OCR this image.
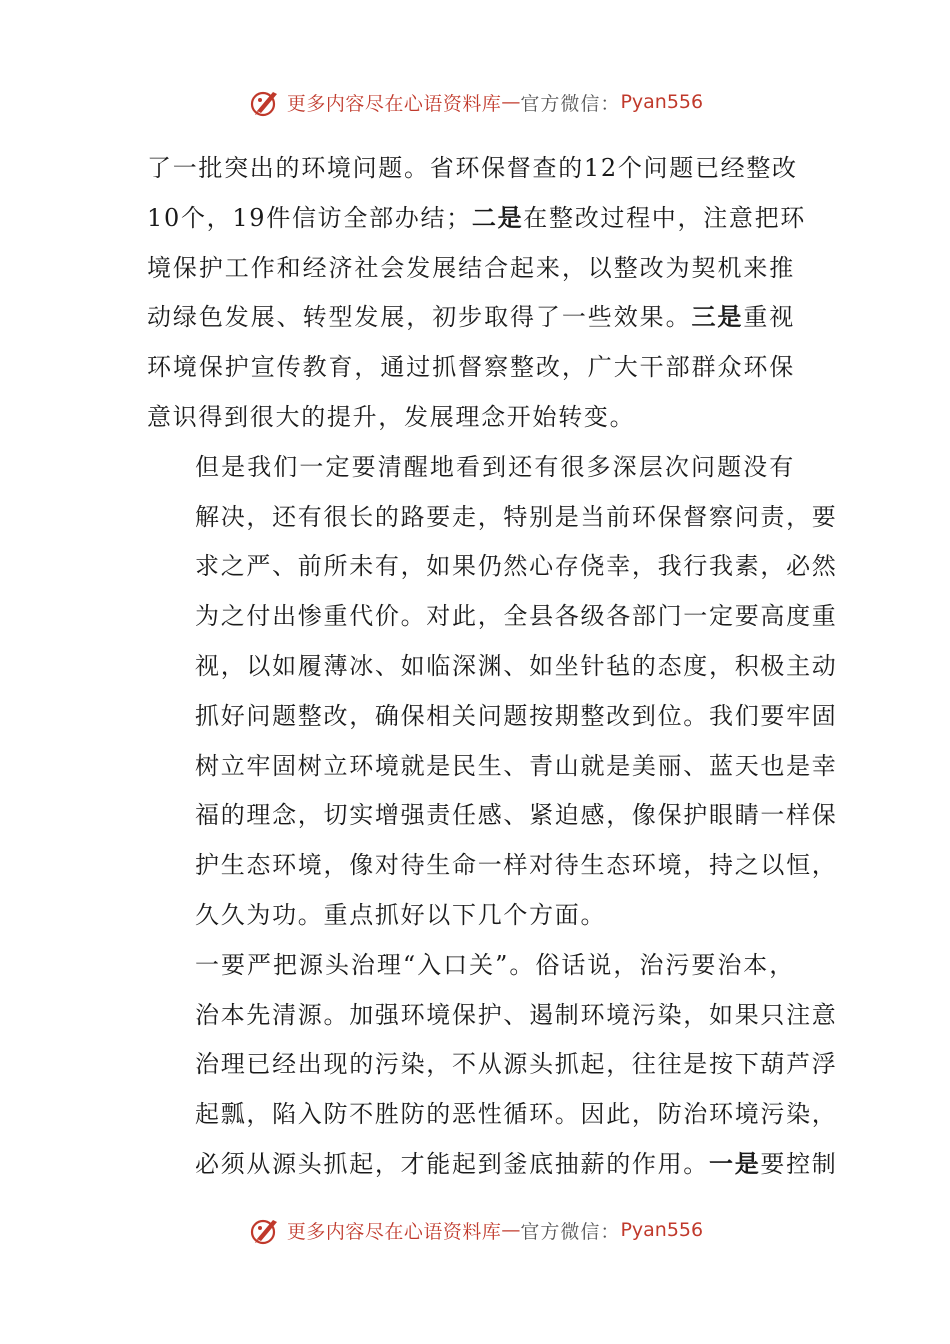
更多内容尽在心语资料库 — 官方微信： Pyan556
了一批突出的环境问题。省环保督查的12个问题已经整改
10个，19件信访全部办结；二是在整改过程中，注意把环
境保护工作和经济社会发展结合起来，以整改为契机来推
动绿色发展、转型发展，初步取得了一些效果。三是重视
环境保护宣传教育，通过抓督察整改，广大干部群众环保
意识得到很大的提升，发展理念开始转变。
但是我们一定要清醒地看到还有很多深层次问题没有
解决，还有很长的路要走，特别是当前环保督察问责，要
求之严、前所未有，如果仍然心存侥幸，我行我素，必然
为之付出惨重代价。对此，全县各级各部门一定要高度重
视，以如履薄冰、如临深渊、如坐针毡的态度，积极主动
抓好问题整改，确保相关问题按期整改到位。我们要牢固
树立牢固树立环境就是民生、青山就是美丽、蓝天也是幸
福的理念，切实增强责任感、紧迫感，像保护眼睛一样保
护生态环境，像对待生命一样对待生态环境，持之以恒，
久久为功。重点抓好以下几个方面。
一要严把源头治理“入口关”。俗话说，治污要治本，
治本先清源。加强环境保护、遏制环境污染，如果只注意
治理已经出现的污染，不从源头抓起，往往是按下葫芦浮
起瓢，陷入防不胜防的恶性循环。因此，防治环境污染，
必须从源头抓起，才能起到釜底抽薪的作用。一是要控制
更多内容尽在心语资料库 — 官方微信： Pyan556
